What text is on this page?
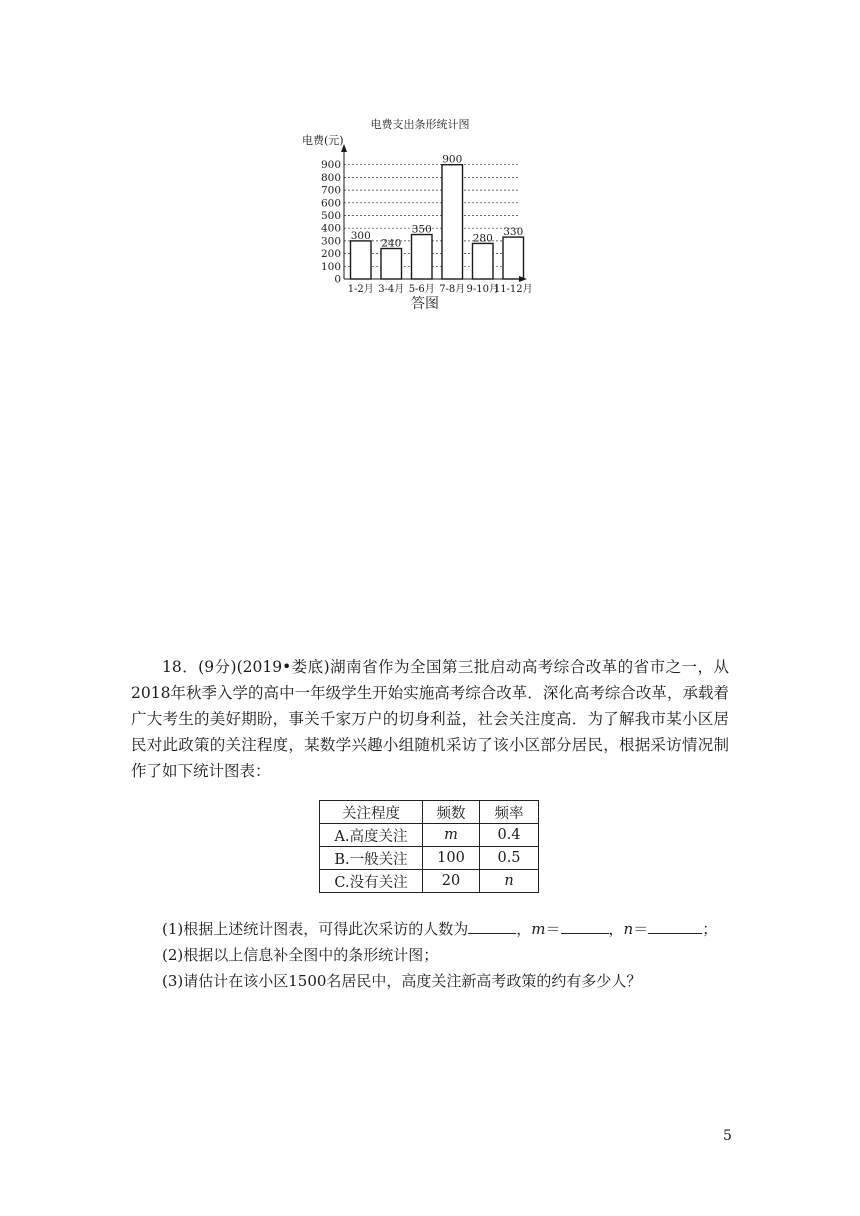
电费支出条形统计图
电费(元)
0
100
200
300
400
500
600
700
800
900
300
240
350
900
280
330
1-2月 3-4月 5-6月 7-8月 9-10月
11-12月
答图

18．(9分)(2019•娄底)湖南省作为全国第三批启动高考综合改革的省市之一，从2018年秋季入学的高中一年级学生开始实施高考综合改革．深化高考综合改革，承载着广大考生的美好期盼，事关千家万户的切身利益，社会关注度高．为了解我市某小区居民对此政策的关注程度，某数学兴趣小组随机采访了该小区部分居民，根据采访情况制作了如下统计图表：

关注程度	频数	频率
A.高度关注	m	0.4
B.一般关注	100	0.5
C.没有关注	20	n
(1)根据上述统计图表，可得此次采访的人数为	，m＝	，n＝	；
(2)根据以上信息补全图中的条形统计图；
(3)请估计在该小区1500名居民中，高度关注新高考政策的约有多少人？
5
